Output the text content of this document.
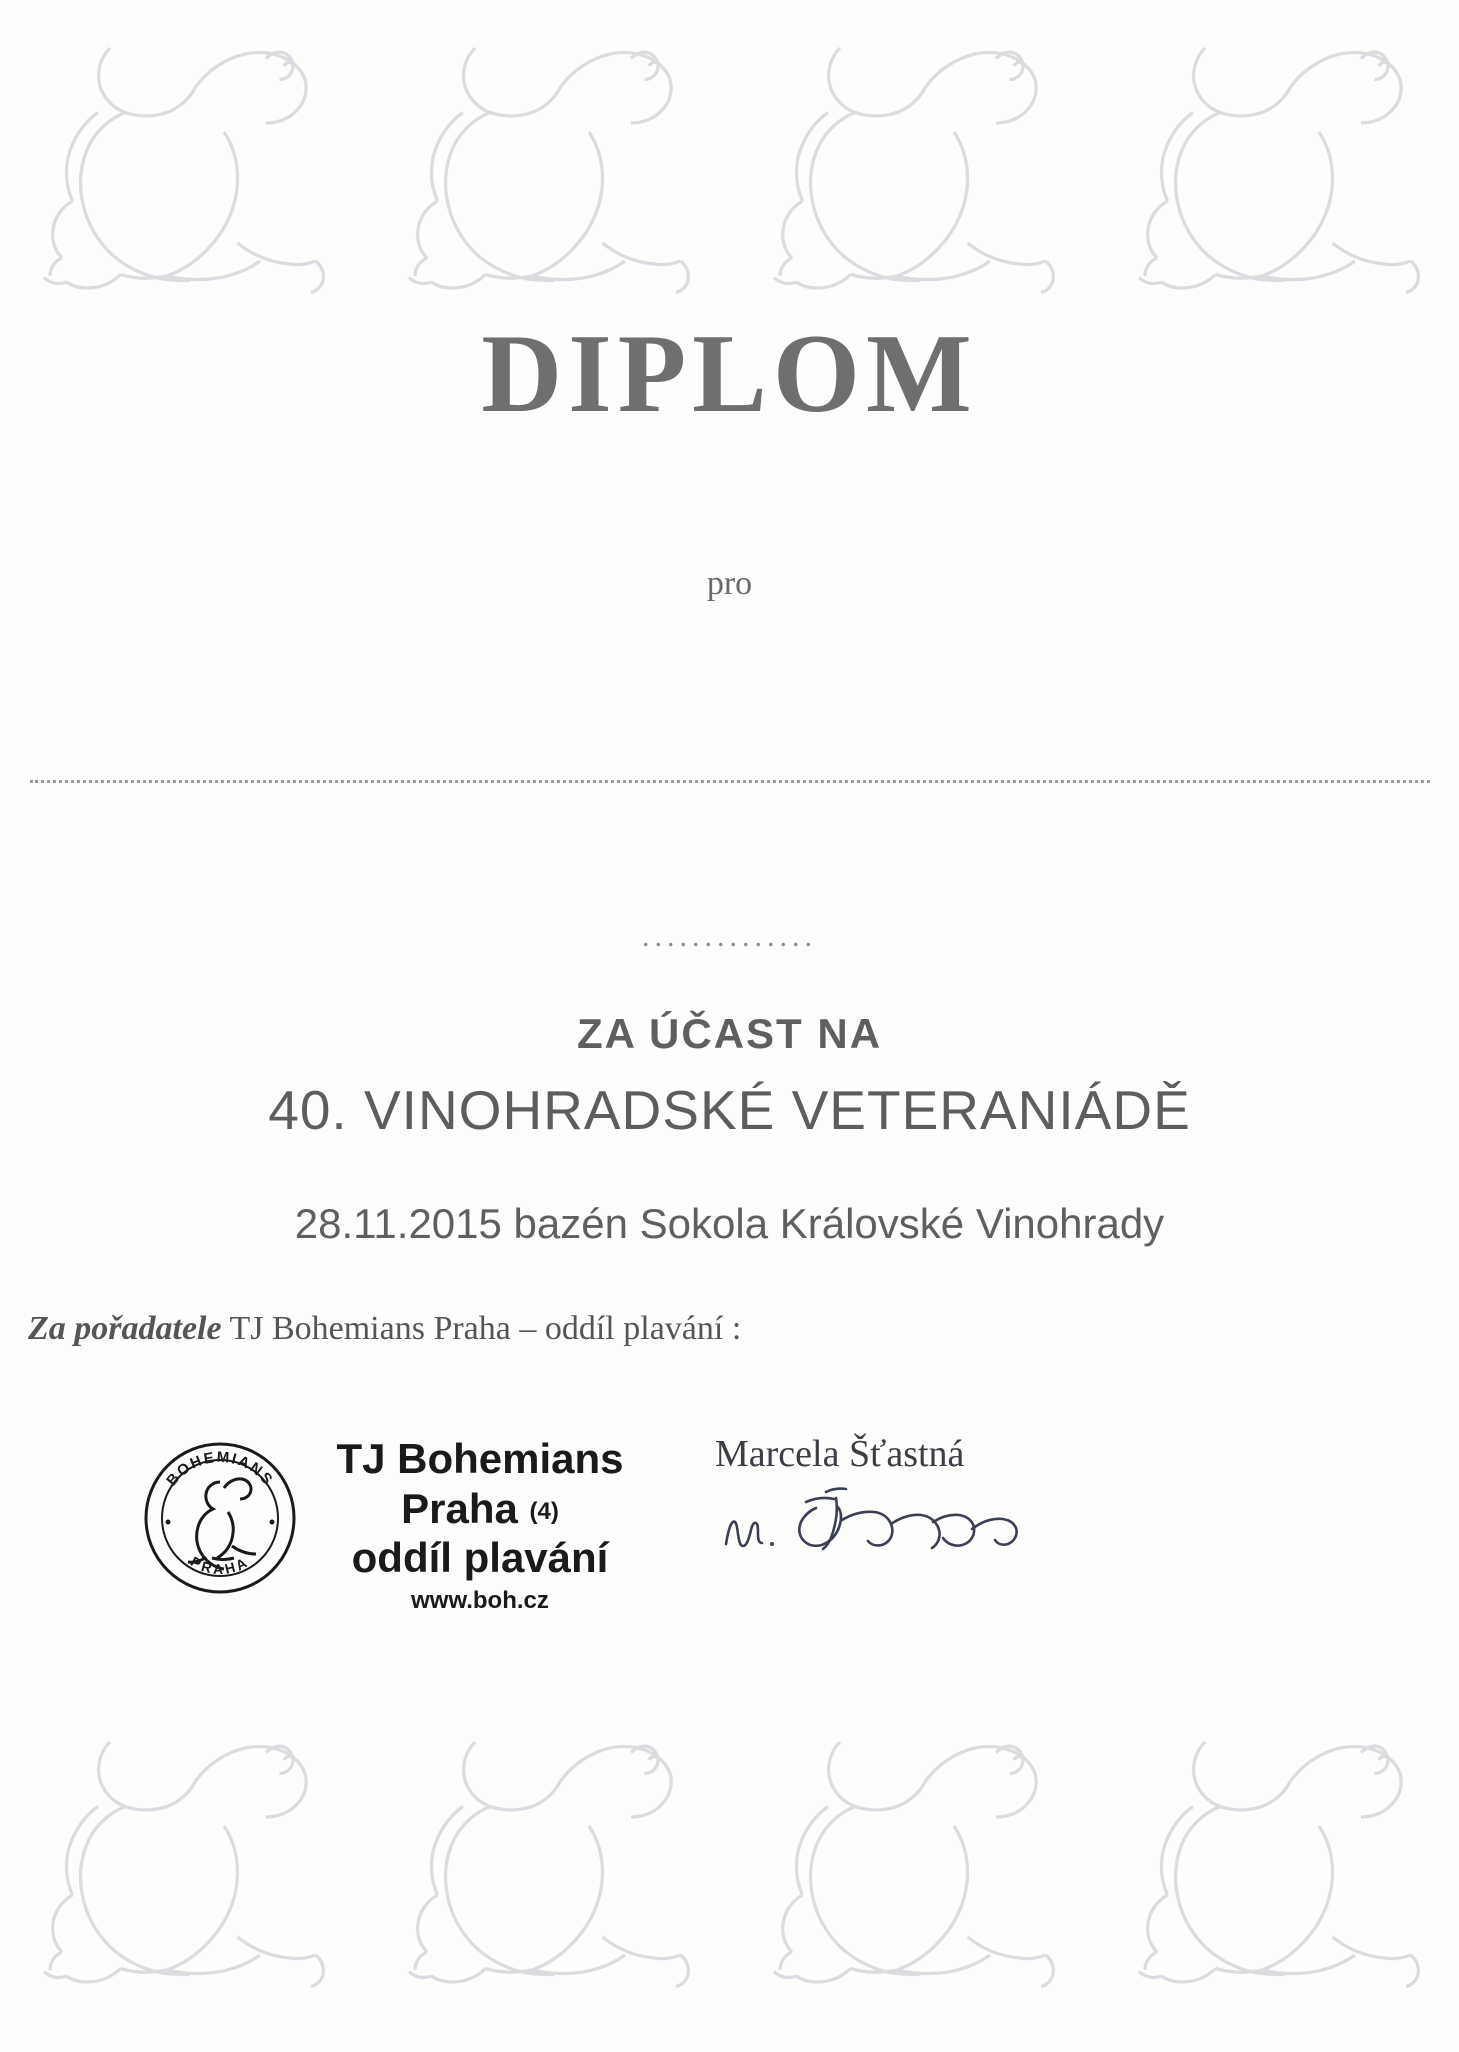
DIPLOM
pro
..............
ZA ÚČAST NA
40. VINOHRADSKÉ VETERANIÁDĚ
28.11.2015 bazén Sokola Královské Vinohrady
Za pořadatele TJ Bohemians Praha – oddíl plavání :
BOHEMIANS
PRAHA
TJ Bohemians
Praha (4)
oddíl plavání
www.boh.cz
Marcela Šťastná
